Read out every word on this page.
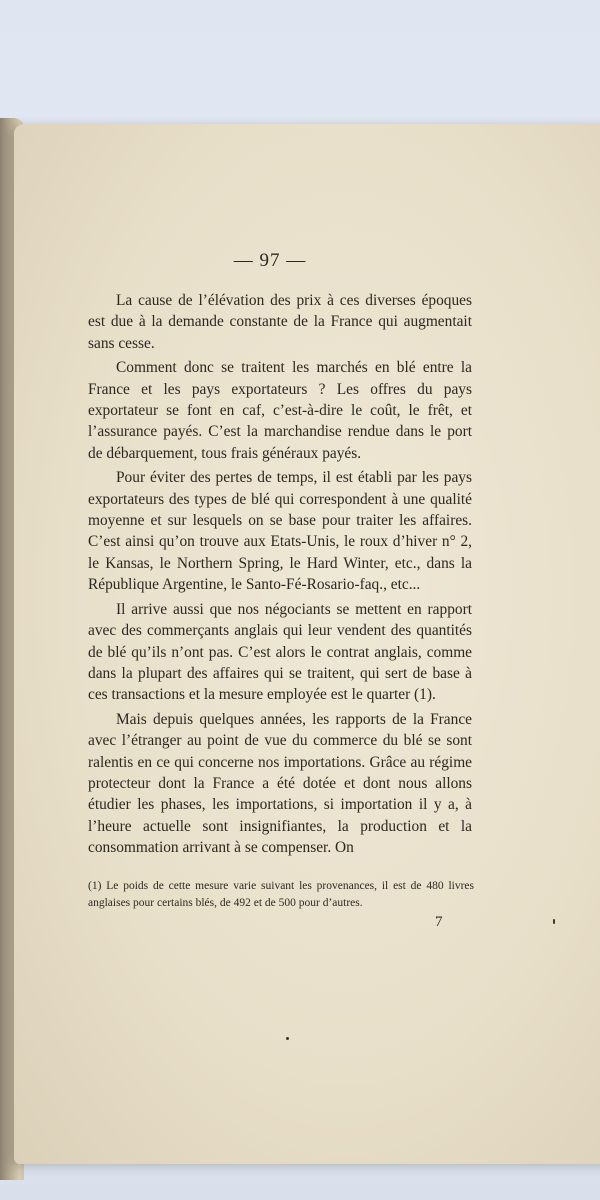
— 97 —

La cause de l’élévation des prix à ces diverses époques est due à la demande constante de la France qui augmentait sans cesse.

Comment donc se traitent les marchés en blé entre la France et les pays exportateurs ? Les offres du pays exportateur se font en caf, c’est-à-dire le coût, le frêt, et l’assurance payés. C’est la marchandise rendue dans le port de débarquement, tous frais généraux payés.

Pour éviter des pertes de temps, il est établi par les pays exportateurs des types de blé qui correspondent à une qualité moyenne et sur lesquels on se base pour traiter les affaires. C’est ainsi qu’on trouve aux Etats-Unis, le roux d’hiver n° 2, le Kansas, le Northern Spring, le Hard Winter, etc., dans la République Argentine, le Santo-Fé-Rosario-faq., etc...

Il arrive aussi que nos négociants se mettent en rapport avec des commerçants anglais qui leur vendent des quantités de blé qu’ils n’ont pas. C’est alors le contrat anglais, comme dans la plupart des affaires qui se traitent, qui sert de base à ces transactions et la mesure employée est le quarter (1).

Mais depuis quelques années, les rapports de la France avec l’étranger au point de vue du commerce du blé se sont ralentis en ce qui concerne nos importations. Grâce au régime protecteur dont la France a été dotée et dont nous allons étudier les phases, les importations, si importation il y a, à l’heure actuelle sont insignifiantes, la production et la consommation arrivant à se compenser. On

(1) Le poids de cette mesure varie suivant les provenances, il est de 480 livres anglaises pour certains blés, de 492 et de 500 pour d’autres.
7
